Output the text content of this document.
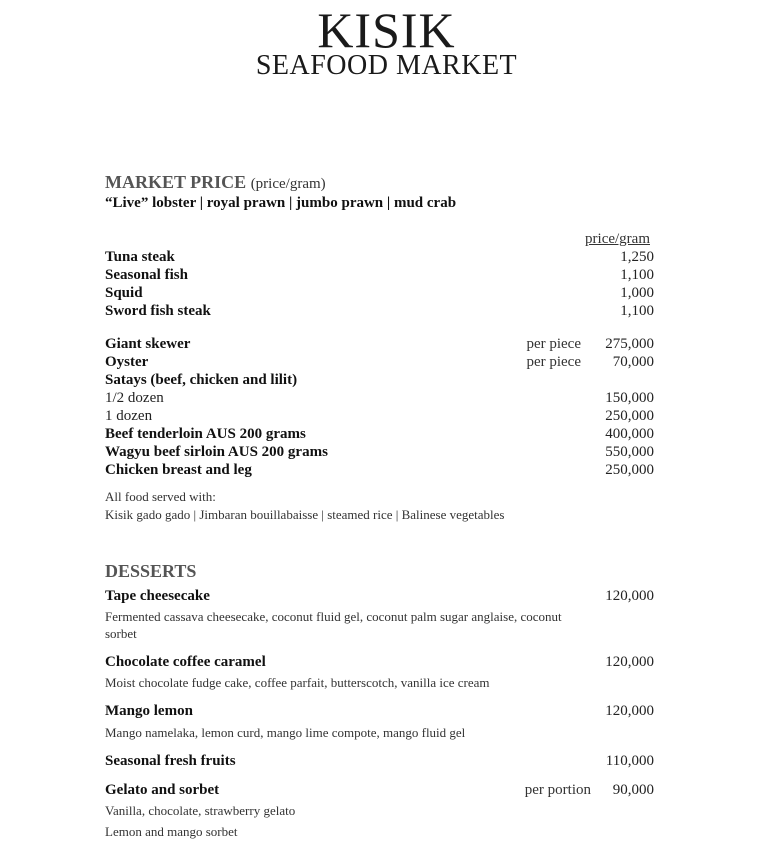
KISIK
SEAFOOD MARKET
MARKET PRICE (price/gram)
“Live” lobster | royal prawn | jumbo prawn | mud crab
price/gram
Tuna steak	1,250
Seasonal fish	1,100
Squid	1,000
Sword fish steak	1,100
Giant skewer	per piece 275,000
Oyster	per piece 70,000
Satays (beef, chicken and lilit)
1/2 dozen	150,000
1 dozen	250,000
Beef tenderloin AUS 200 grams	400,000
Wagyu beef sirloin AUS 200 grams	550,000
Chicken breast and leg	250,000
All food served with:
Kisik gado gado | Jimbaran bouillabaisse | steamed rice | Balinese vegetables
DESSERTS
Tape cheesecake	120,000
Fermented cassava cheesecake, coconut fluid gel, coconut palm sugar anglaise, coconut sorbet
Chocolate coffee caramel	120,000
Moist chocolate fudge cake, coffee parfait, butterscotch, vanilla ice cream
Mango lemon	120,000
Mango namelaka, lemon curd, mango lime compote, mango fluid gel
Seasonal fresh fruits	110,000
Gelato and sorbet	per portion 90,000
Vanilla, chocolate, strawberry gelato
Lemon and mango sorbet
